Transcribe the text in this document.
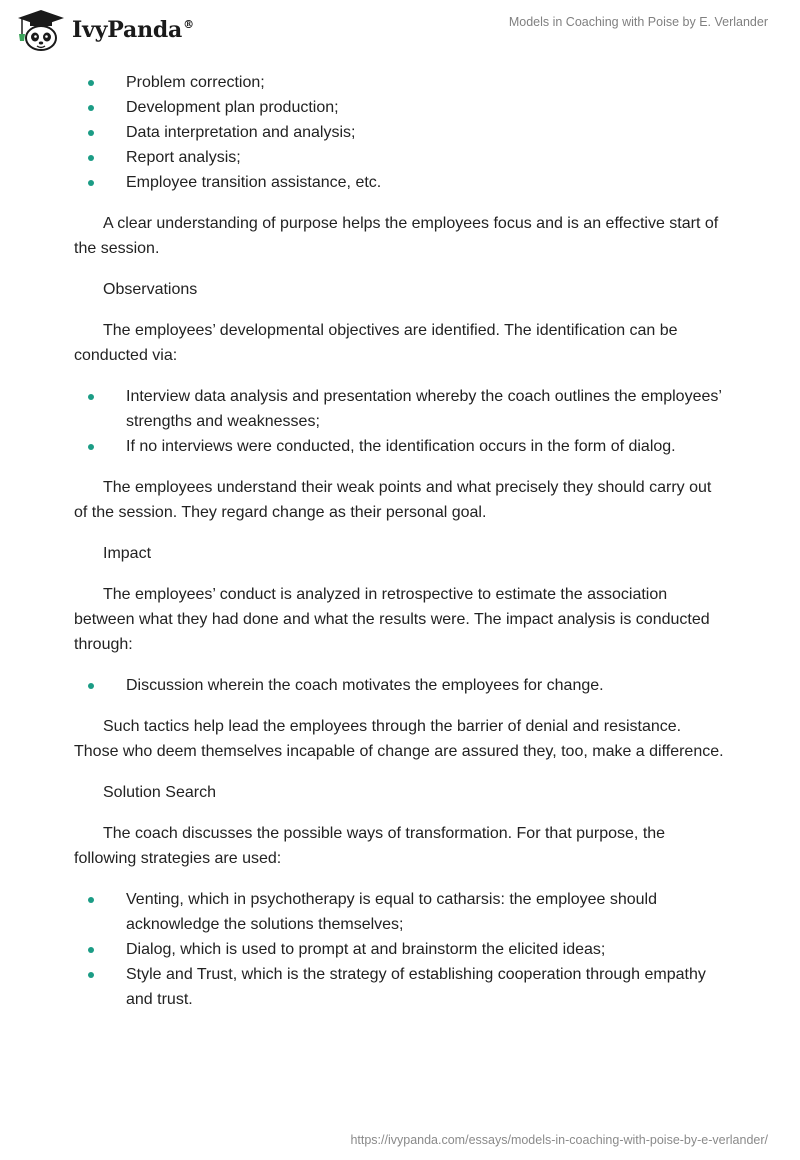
IvyPanda®	Models in Coaching with Poise by E. Verlander
Problem correction;
Development plan production;
Data interpretation and analysis;
Report analysis;
Employee transition assistance, etc.

A clear understanding of purpose helps the employees focus and is an effective start of the session.

Observations

The employees’ developmental objectives are identified. The identification can be conducted via:

Interview data analysis and presentation whereby the coach outlines the employees’ strengths and weaknesses;
If no interviews were conducted, the identification occurs in the form of dialog.

The employees understand their weak points and what precisely they should carry out of the session. They regard change as their personal goal.

Impact

The employees’ conduct is analyzed in retrospective to estimate the association between what they had done and what the results were. The impact analysis is conducted through:

Discussion wherein the coach motivates the employees for change.

Such tactics help lead the employees through the barrier of denial and resistance. Those who deem themselves incapable of change are assured they, too, make a difference.

Solution Search

The coach discusses the possible ways of transformation. For that purpose, the following strategies are used:

Venting, which in psychotherapy is equal to catharsis: the employee should acknowledge the solutions themselves;
Dialog, which is used to prompt at and brainstorm the elicited ideas;
Style and Trust, which is the strategy of establishing cooperation through empathy and trust.
https://ivypanda.com/essays/models-in-coaching-with-poise-by-e-verlander/
